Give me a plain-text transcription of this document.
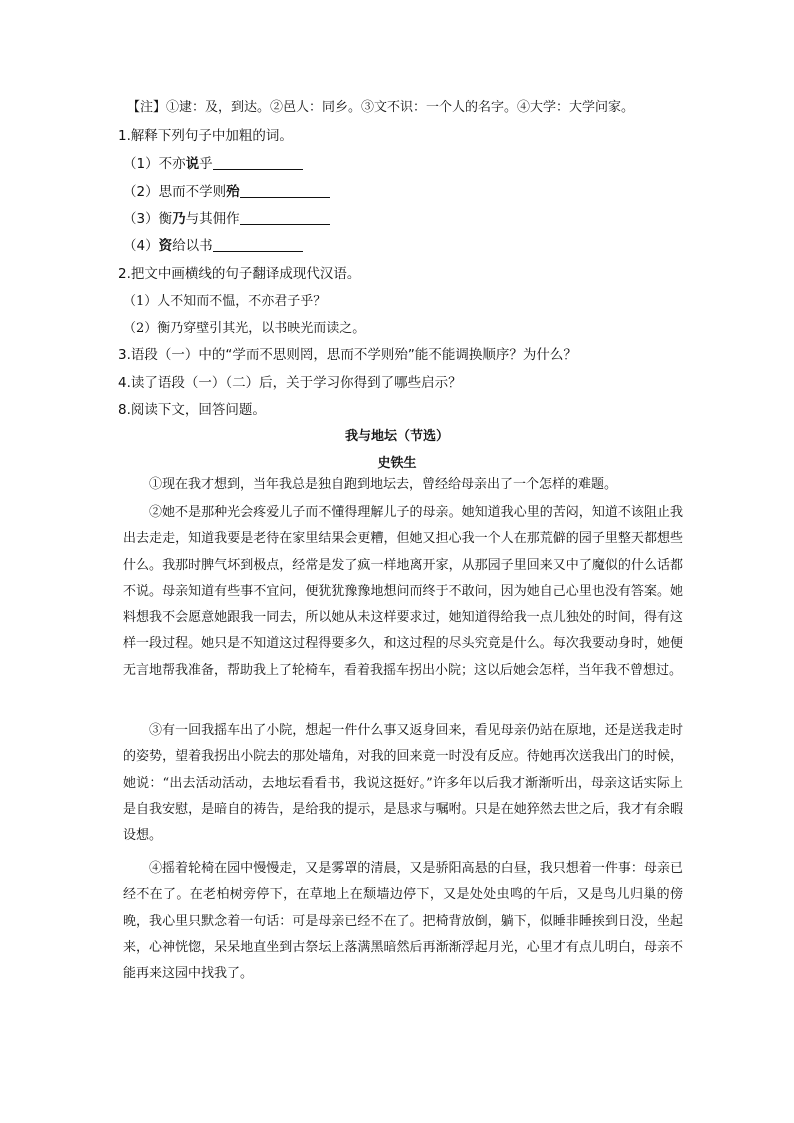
【注】①逮：及，到达。②邑人：同乡。③文不识：一个人的名字。④大学：大学问家。
1.解释下列句子中加粗的词。
（1）不亦说乎
（2）思而不学则殆
（3）衡乃与其佣作
（4）资给以书
2.把文中画横线的句子翻译成现代汉语。
（1）人不知而不愠，不亦君子乎？
（2）衡乃穿壁引其光，以书映光而读之。
3.语段（一）中的“学而不思则罔，思而不学则殆”能不能调换顺序？为什么？
4.读了语段（一）（二）后，关于学习你得到了哪些启示？
8.阅读下文，回答问题。
我与地坛（节选）
史铁生
①现在我才想到，当年我总是独自跑到地坛去，曾经给母亲出了一个怎样的难题。
②她不是那种光会疼爱儿子而不懂得理解儿子的母亲。她知道我心里的苦闷，知道不该阻止我出去走走，知道我要是老待在家里结果会更糟，但她又担心我一个人在那荒僻的园子里整天都想些什么。我那时脾气坏到极点，经常是发了疯一样地离开家，从那园子里回来又中了魔似的什么话都不说。母亲知道有些事不宜问，便犹犹豫豫地想问而终于不敢问，因为她自己心里也没有答案。她料想我不会愿意她跟我一同去，所以她从未这样要求过，她知道得给我一点儿独处的时间，得有这样一段过程。她只是不知道这过程得要多久，和这过程的尽头究竟是什么。每次我要动身时，她便无言地帮我准备，帮助我上了轮椅车，看着我摇车拐出小院；这以后她会怎样，当年我不曾想过。
③有一回我摇车出了小院，想起一件什么事又返身回来，看见母亲仍站在原地，还是送我走时的姿势，望着我拐出小院去的那处墙角，对我的回来竟一时没有反应。待她再次送我出门的时候，她说：“出去活动活动，去地坛看看书，我说这挺好。”许多年以后我才渐渐听出，母亲这话实际上是自我安慰，是暗自的祷告，是给我的提示，是恳求与嘱咐。只是在她猝然去世之后，我才有余暇设想。
④摇着轮椅在园中慢慢走，又是雾罩的清晨，又是骄阳高悬的白昼，我只想着一件事：母亲已经不在了。在老柏树旁停下，在草地上在颓墙边停下，又是处处虫鸣的午后，又是鸟儿归巢的傍晚，我心里只默念着一句话：可是母亲已经不在了。把椅背放倒，躺下，似睡非睡挨到日没，坐起来，心神恍惚，呆呆地直坐到古祭坛上落满黑暗然后再渐渐浮起月光，心里才有点儿明白，母亲不能再来这园中找我了。
